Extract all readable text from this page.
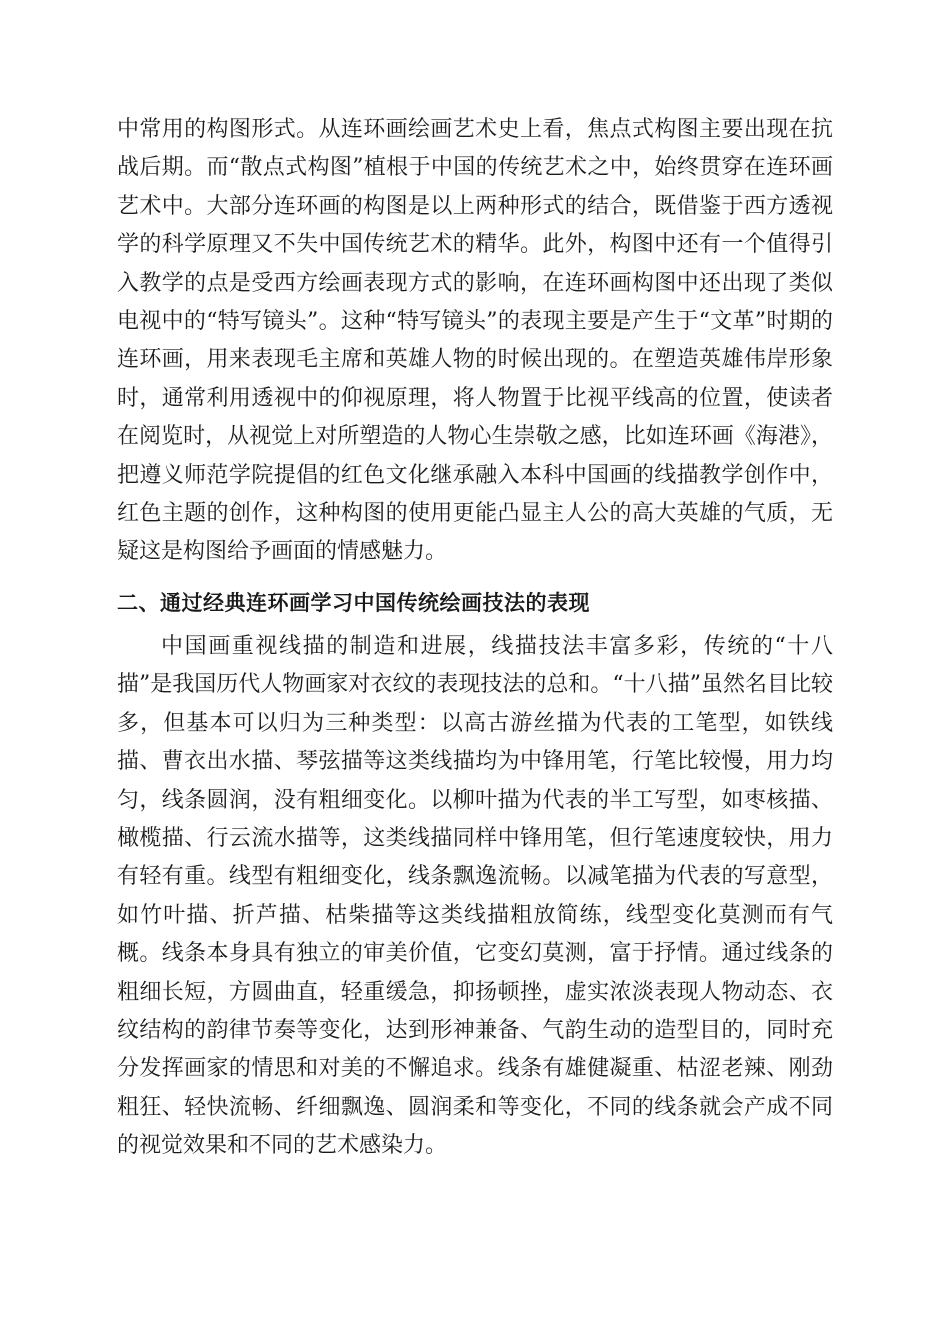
中常用的构图形式。从连环画绘画艺术史上看，焦点式构图主要出现在抗战后期。而“散点式构图”植根于中国的传统艺术之中，始终贯穿在连环画艺术中。大部分连环画的构图是以上两种形式的结合，既借鉴于西方透视学的科学原理又不失中国传统艺术的精华。此外，构图中还有一个值得引入教学的点是受西方绘画表现方式的影响，在连环画构图中还出现了类似电视中的“特写镜头”。这种“特写镜头”的表现主要是产生于“文革”时期的连环画，用来表现毛主席和英雄人物的时候出现的。在塑造英雄伟岸形象时，通常利用透视中的仰视原理，将人物置于比视平线高的位置，使读者在阅览时，从视觉上对所塑造的人物心生崇敬之感，比如连环画《海港》，把遵义师范学院提倡的红色文化继承融入本科中国画的线描教学创作中，红色主题的创作，这种构图的使用更能凸显主人公的高大英雄的气质，无疑这是构图给予画面的情感魅力。

二、通过经典连环画学习中国传统绘画技法的表现

中国画重视线描的制造和进展，线描技法丰富多彩，传统的“十八描”是我国历代人物画家对衣纹的表现技法的总和。“十八描”虽然名目比较多，但基本可以归为三种类型：以高古游丝描为代表的工笔型，如铁线描、曹衣出水描、琴弦描等这类线描均为中锋用笔，行笔比较慢，用力均匀，线条圆润，没有粗细变化。以柳叶描为代表的半工写型，如枣核描、橄榄描、行云流水描等，这类线描同样中锋用笔，但行笔速度较快，用力有轻有重。线型有粗细变化，线条飘逸流畅。以减笔描为代表的写意型，如竹叶描、折芦描、枯柴描等这类线描粗放简练，线型变化莫测而有气概。线条本身具有独立的审美价值，它变幻莫测，富于抒情。通过线条的粗细长短，方圆曲直，轻重缓急，抑扬顿挫，虚实浓淡表现人物动态、衣纹结构的韵律节奏等变化，达到形神兼备、气韵生动的造型目的，同时充分发挥画家的情思和对美的不懈追求。线条有雄健凝重、枯涩老辣、刚劲粗狂、轻快流畅、纤细飘逸、圆润柔和等变化，不同的线条就会产成不同的视觉效果和不同的艺术感染力。
